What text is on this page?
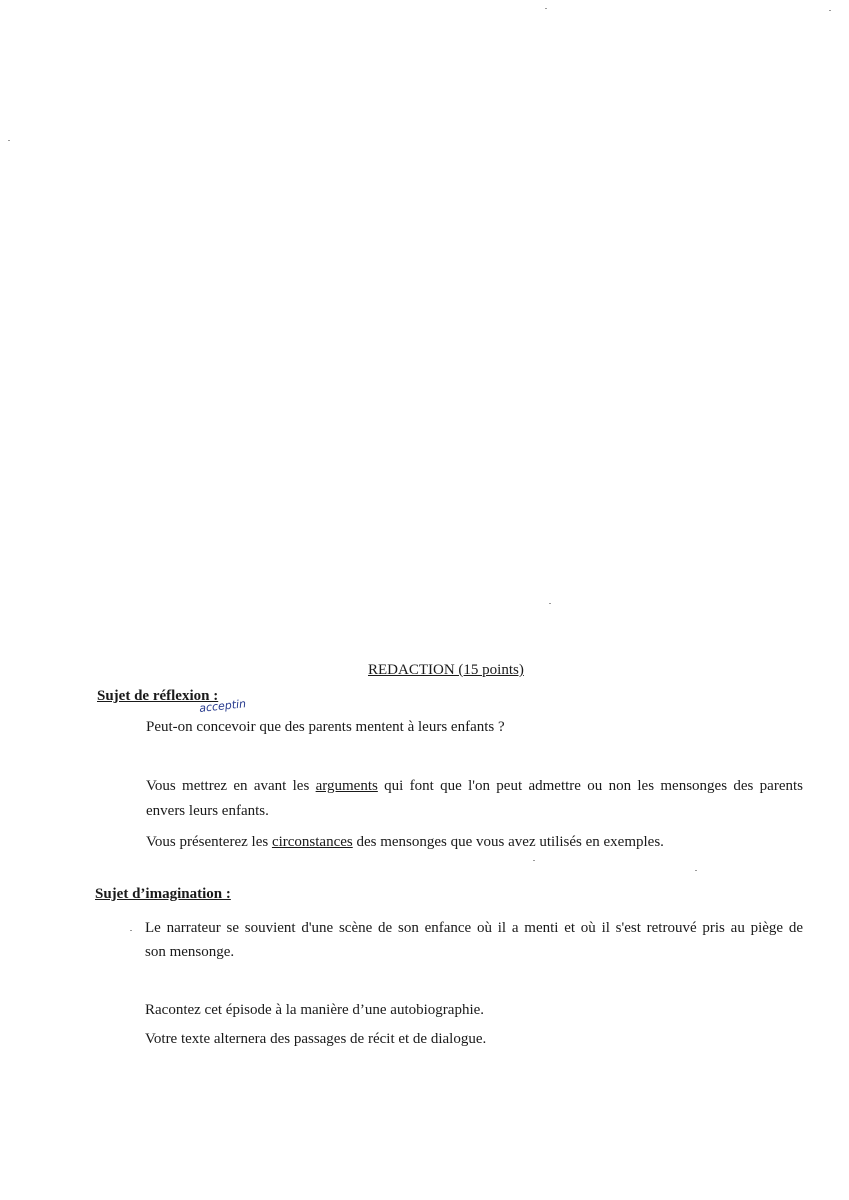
REDACTION (15 points)
Sujet de réflexion :
acceptin
Peut-on concevoir que des parents mentent à leurs enfants ?
Vous mettrez en avant les arguments qui font que l'on peut admettre ou non les mensonges des parents
envers leurs enfants.
Vous présenterez les circonstances des mensonges que vous avez utilisés en exemples.
Sujet d’imagination :
Le narrateur se souvient d'une scène de son enfance où il a menti et où il s'est retrouvé pris au piège de
son mensonge.
Racontez cet épisode à la manière d’une autobiographie.
Votre texte alternera des passages de récit et de dialogue.
